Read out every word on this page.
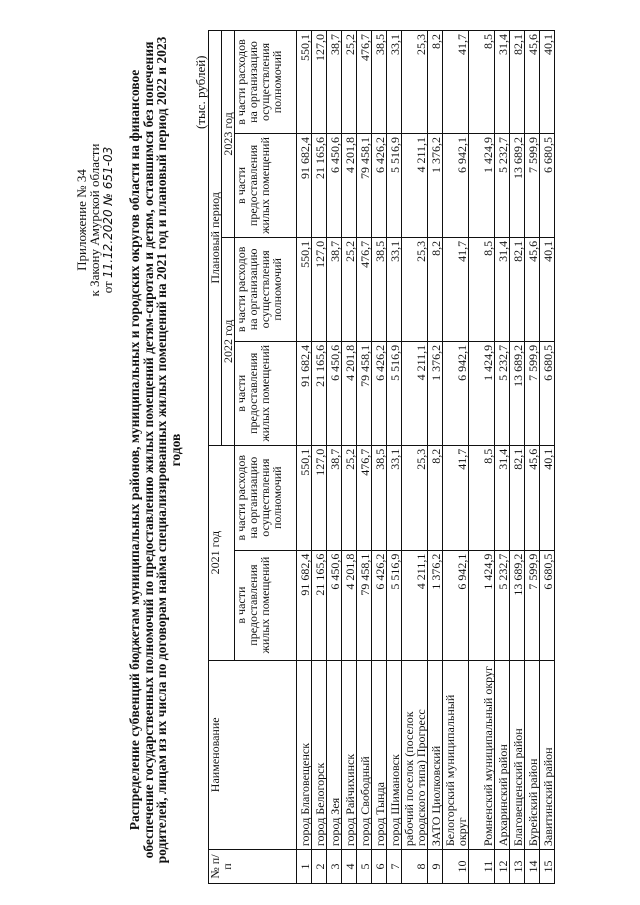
Приложение № 34
к Закону Амурской области
от 11.12.2020 № 651-03 Распределение субвенций бюджетам муниципальных районов, муниципальных и городских округов области на финансовое обеспечение государственных полномочий по предоставлению жилых помещений детям-сиротам и детям, оставшимся без попечения родителей, лицам из их числа по договорам найма специализированных жилых помещений на 2021 год и плановый период 2022 и 2023 годов
(тыс. рублей)
№ п/п	Наименование	2021 год		Плановый период			
				2022 год		2023 год	
		в части предоставления жилых помещений	в части расходов на организацию осуществления полномочий	в части предоставления жилых помещений	в части расходов на организацию осуществления полномочий	в части предоставления жилых помещений	в части расходов на организацию осуществления полномочий
1	город Благовещенск	91 682,4	550,1	91 682,4	550,1	91 682,4	550,1
2	город Белогорск	21 165,6	127,0	21 165,6	127,0	21 165,6	127,0
3	город Зея	6 450,6	38,7	6 450,6	38,7	6 450,6	38,7
4	город Райчихинск	4 201,8	25,2	4 201,8	25,2	4 201,8	25,2
5	город Свободный	79 458,1	476,7	79 458,1	476,7	79 458,1	476,7
6	город Тында	6 426,2	38,5	6 426,2	38,5	6 426,2	38,5
7	город Шимановск	5 516,9	33,1	5 516,9	33,1	5 516,9	33,1
8	рабочий поселок (поселок городского типа) Прогресс	4 211,1	25,3	4 211,1	25,3	4 211,1	25,3
9	ЗАТО Циолковский	1 376,2	8,2	1 376,2	8,2	1 376,2	8,2
10	Белогорский муниципальный округ	6 942,1	41,7	6 942,1	41,7	6 942,1	41,7
11	Ромненский муниципальный округ	1 424,9	8,5	1 424,9	8,5	1 424,9	8,5
12	Архаринский район	5 232,7	31,4	5 232,7	31,4	5 232,7	31,4
13	Благовещенский район	13 689,2	82,1	13 689,2	82,1	13 689,2	82,1
14	Бурейский район	7 599,9	45,6	7 599,9	45,6	7 599,9	45,6
15	Завитинский район	6 680,5	40,1	6 680,5	40,1	6 680,5	40,1
